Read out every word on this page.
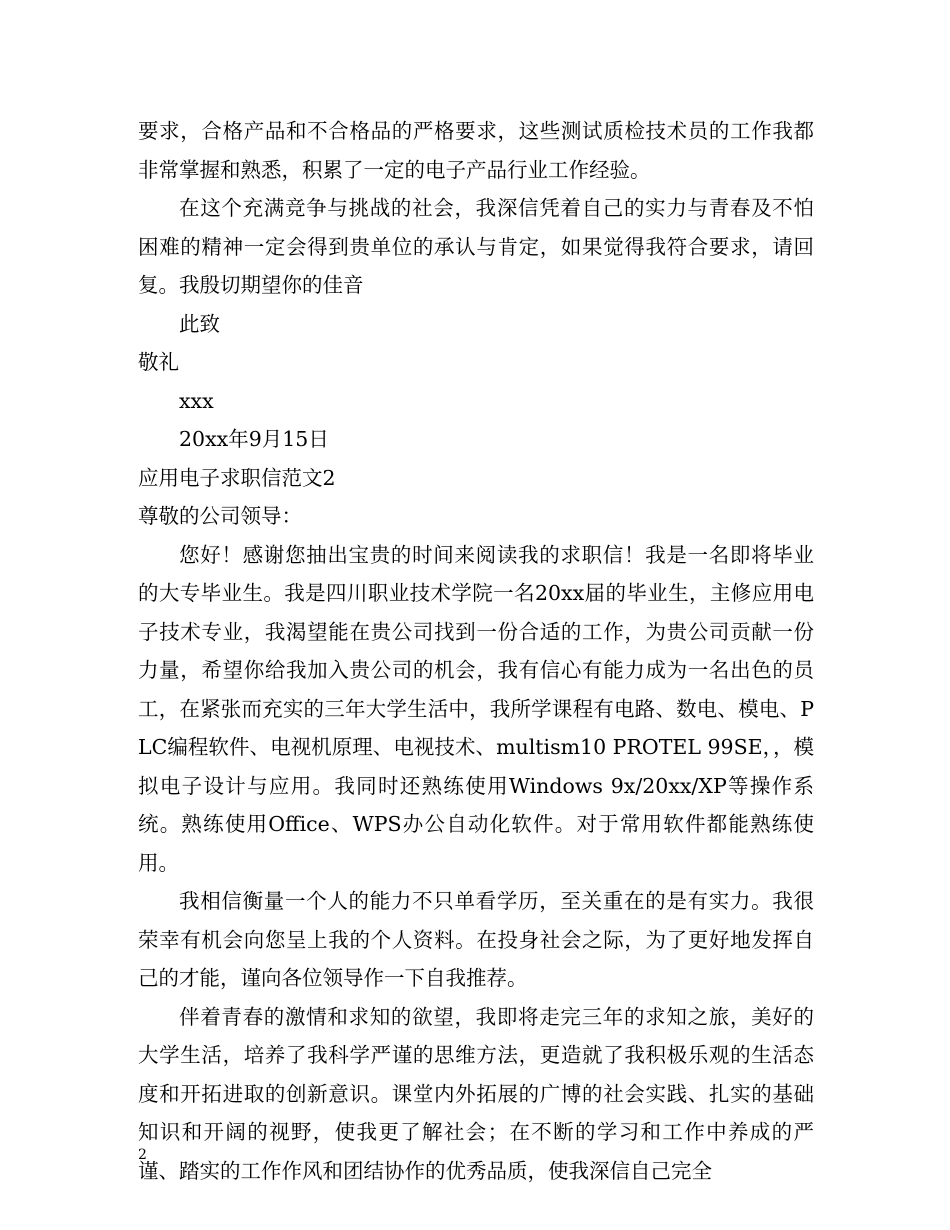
要求，合格产品和不合格品的严格要求，这些测试质检技术员的工作我都非常掌握和熟悉，积累了一定的电子产品行业工作经验。

在这个充满竞争与挑战的社会，我深信凭着自己的实力与青春及不怕困难的精神一定会得到贵单位的承认与肯定，如果觉得我符合要求，请回复。我殷切期望你的佳音

此致

敬礼

xxx

20xx年9月15日

应用电子求职信范文2

尊敬的公司领导：

您好！感谢您抽出宝贵的时间来阅读我的求职信！我是一名即将毕业的大专毕业生。我是四川职业技术学院一名20xx届的毕业生，主修应用电子技术专业，我渴望能在贵公司找到一份合适的工作，为贵公司贡献一份力量，希望你给我加入贵公司的机会，我有信心有能力成为一名出色的员工，在紧张而充实的三年大学生活中，我所学课程有电路、数电、模电、PLC编程软件、电视机原理、电视技术、multism10 PROTEL 99SE，，模拟电子设计与应用。我同时还熟练使用Windows 9x/20xx/XP等操作系统。熟练使用Office、WPS办公自动化软件。对于常用软件都能熟练使用。

我相信衡量一个人的能力不只单看学历，至关重在的是有实力。我很荣幸有机会向您呈上我的个人资料。在投身社会之际，为了更好地发挥自己的才能，谨向各位领导作一下自我推荐。

伴着青春的激情和求知的欲望，我即将走完三年的求知之旅，美好的大学生活，培养了我科学严谨的思维方法，更造就了我积极乐观的生活态度和开拓进取的创新意识。课堂内外拓展的广博的社会实践、扎实的基础知识和开阔的视野，使我更了解社会；在不断的学习和工作中养成的严谨、踏实的工作作风和团结协作的优秀品质，使我深信自己完全

2
